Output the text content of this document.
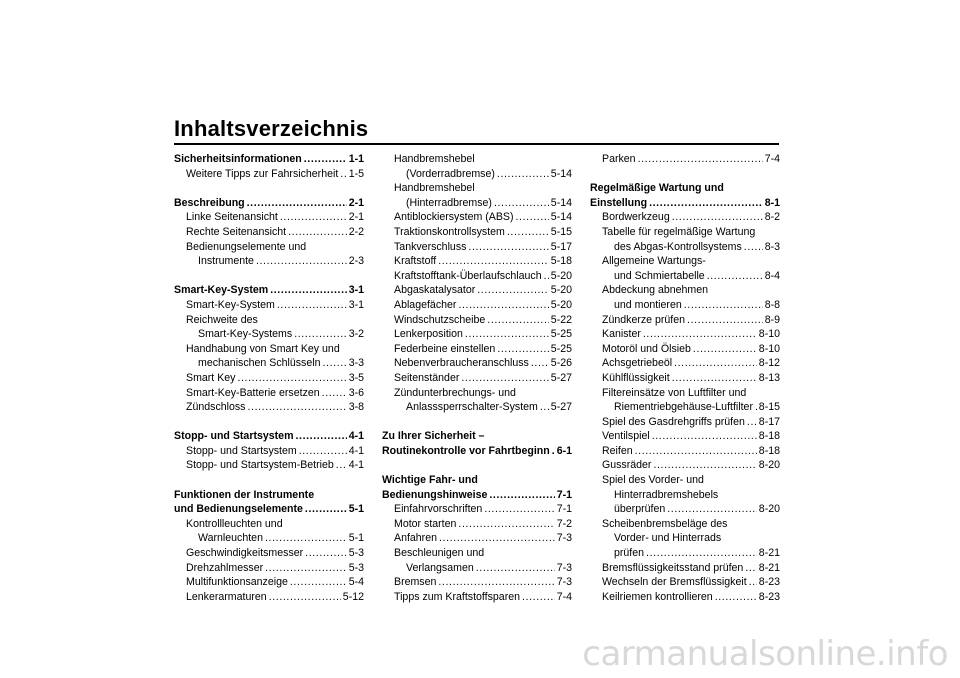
Inhaltsverzeichnis
Sicherheitsinformationen .....	1-1
Weitere Tipps zur Fahrsicherheit ..... 1-5
Beschreibung .....	2-1
Linke Seitenansicht .....	2-1
Rechte Seitenansicht .....	2-2
Bedienungselemente und
Instrumente .....	2-3
Smart-Key-System .....	3-1
Smart-Key-System .....	3-1
Reichweite des
Smart-Key-Systems .....	3-2
Handhabung von Smart Key und
mechanischen Schlüsseln .....	3-3
Smart Key .....	3-5
Smart-Key-Batterie ersetzen .....	3-6
Zündschloss .....	3-8
Stopp- und Startsystem .....	4-1
Stopp- und Startsystem .....	4-1
Stopp- und Startsystem-Betrieb ..... 4-1
Funktionen der Instrumente
und Bedienungselemente .....	5-1
Kontrollleuchten und
Warnleuchten .....	5-1
Geschwindigkeitsmesser .....	5-3
Drehzahlmesser .....	5-3
Multifunktionsanzeige .....	5-4
Lenkerarmaturen .....	5-12
Handbremshebel
(Vorderradbremse) .....	5-14
Handbremshebel
(Hinterradbremse) .....	5-14
Antiblockiersystem (ABS) .....	5-14
Traktionskontrollsystem .....	5-15
Tankverschluss .....	5-17
Kraftstoff .....	5-18
Kraftstofftank-Überlaufschlauch ..... 5-20
Abgaskatalysator .....	5-20
Ablagefächer .....	5-20
Windschutzscheibe .....	5-22
Lenkerposition .....	5-25
Federbeine einstellen .....	5-25
Nebenverbraucheranschluss ..... 5-26
Seitenständer .....	5-27
Zündunterbrechungs- und
Anlasssperrschalter-System ..... 5-27
Zu Ihrer Sicherheit –
Routinekontrolle vor Fahrtbeginn ..... 6-1
Wichtige Fahr- und
Bedienungshinweise .....	7-1
Einfahrvorschriften .....	7-1
Motor starten .....	7-2
Anfahren .....	7-3
Beschleunigen und
Verlangsamen .....	7-3
Bremsen .....	7-3
Tipps zum Kraftstoffsparen .....	7-4
Parken .....	7-4
Regelmäßige Wartung und
Einstellung .....	8-1
Bordwerkzeug .....	8-2
Tabelle für regelmäßige Wartung
des Abgas-Kontrollsystems ..... 8-3
Allgemeine Wartungs-
und Schmiertabelle .....	8-4
Abdeckung abnehmen
und montieren .....	8-8
Zündkerze prüfen .....	8-9
Kanister .....	8-10
Motoröl und Ölsieb .....	8-10
Achsgetriebeöl .....	8-12
Kühlflüssigkeit .....	8-13
Filtereinsätze von Luftfilter und
Riementriebgehäuse-Luftfilter ..... 8-15
Spiel des Gasdrehgriffs prüfen ..... 8-17
Ventilspiel .....	8-18
Reifen .....	8-18
Gussräder .....	8-20
Spiel des Vorder- und
Hinterradbremshebels
überprüfen .....	8-20
Scheibenbremsbeläge des
Vorder- und Hinterrads
prüfen .....	8-21
Bremsflüssigkeitsstand prüfen ..... 8-21
Wechseln der Bremsflüssigkeit ..... 8-23
Keilriemen kontrollieren .....	8-23
carmanualsonline.info
